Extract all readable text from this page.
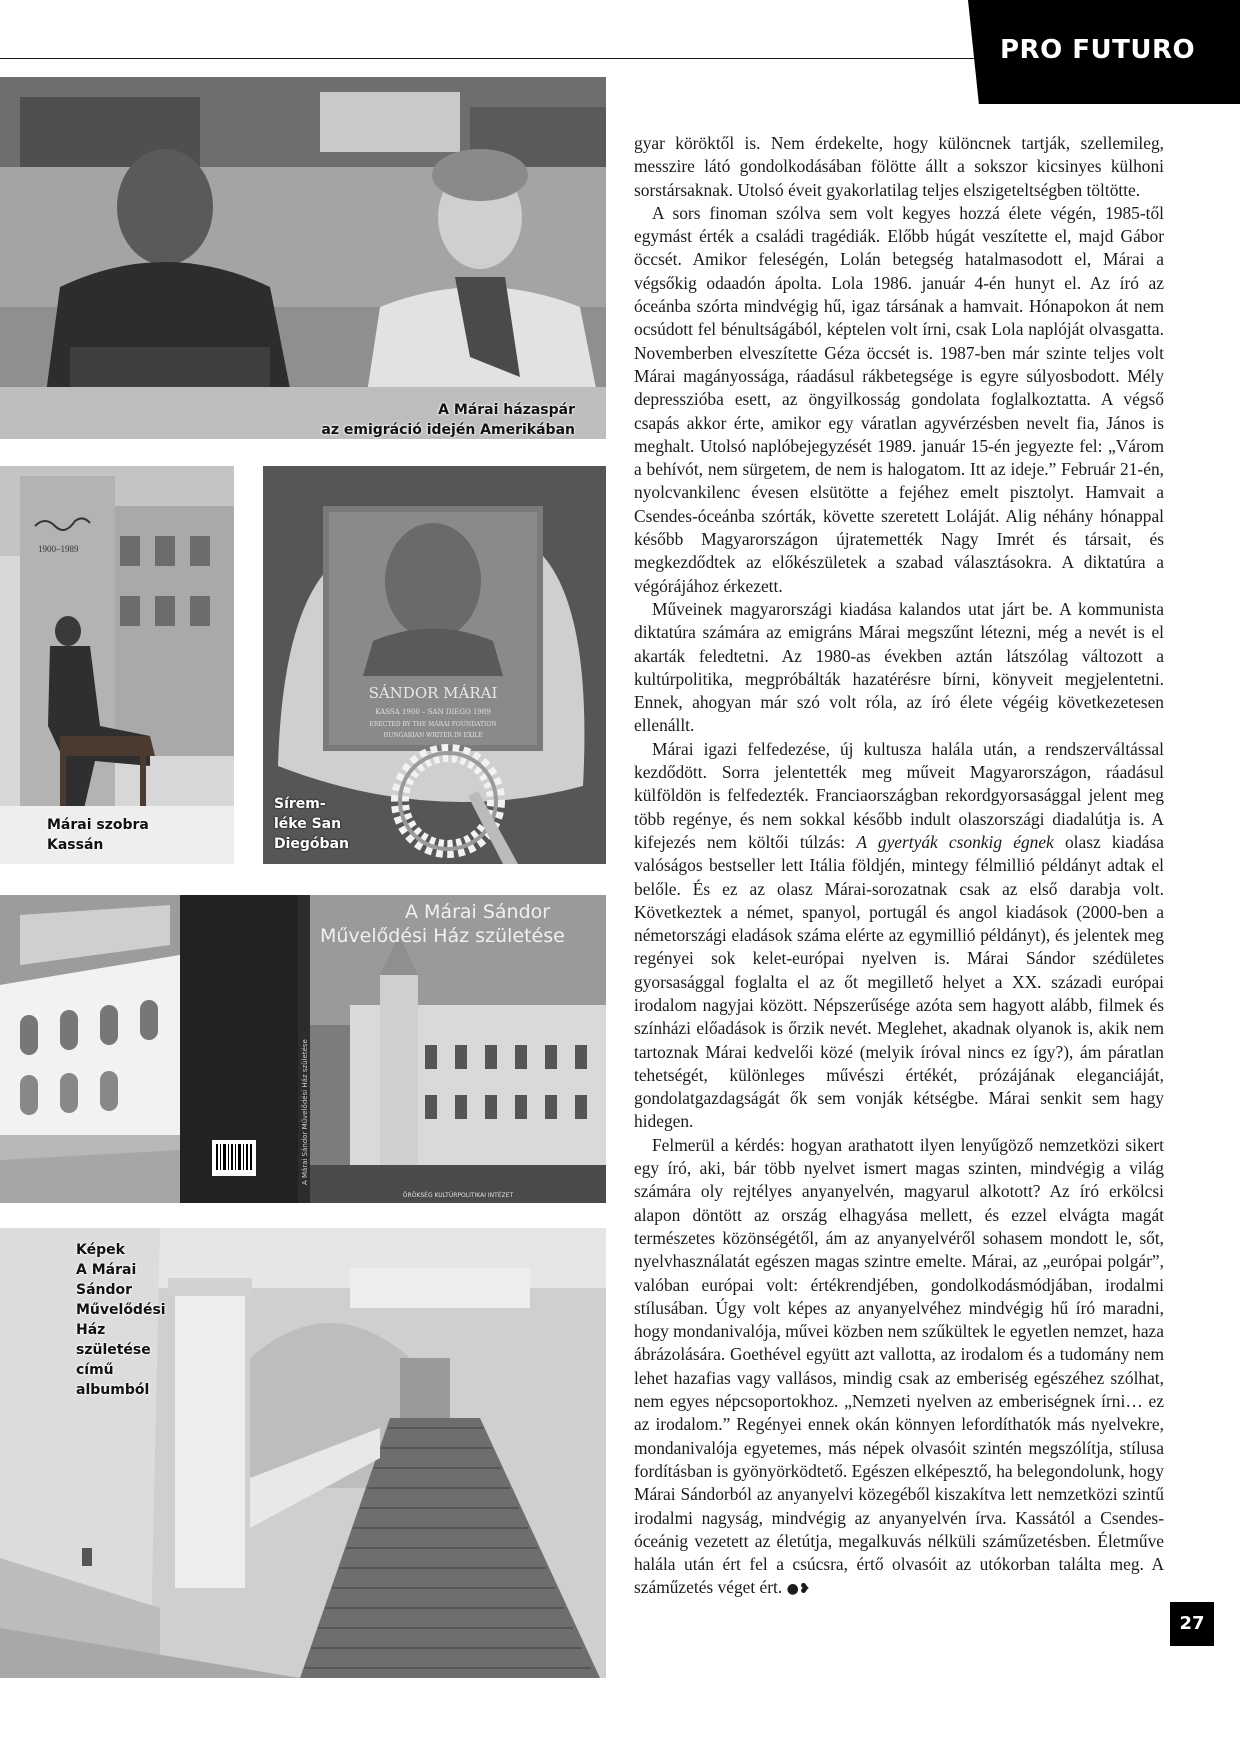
PRO FUTURO
A Márai házaspár
az emigráció idején Amerikában
1900–1989
Márai szobra
Kassán
SÁNDOR MÁRAI
KASSA 1900 – SAN DIEGO 1989
ERECTED BY THE MÁRAI FOUNDATION
HUNGARIAN WRITER IN EXILE
Sírem-
léke San
Diegóban
A Márai Sándor
Művelődési Ház születése
A Márai Sándor Művelődési Ház születése
ÖRÖKSÉG KULTÚRPOLITIKAI INTÉZET
Képek
A Márai
Sándor
Művelődési
Ház
születése
című
albumból

gyar köröktől is. Nem érdekelte, hogy különcnek tartják, szellemileg, messzire látó gondolkodásában fölötte állt a sokszor kicsinyes külhoni sorstársaknak. Utolsó éveit gyakorlatilag teljes elszigeteltségben töltötte.

A sors finoman szólva sem volt kegyes hozzá élete végén, 1985-től egymást érték a családi tragédiák. Előbb húgát veszítette el, majd Gábor öccsét. Amikor feleségén, Lolán betegség hatalmasodott el, Márai a végsőkig odaadón ápolta. Lola 1986. január 4-én hunyt el. Az író az óceánba szórta mindvégig hű, igaz társának a hamvait. Hónapokon át nem ocsúdott fel bénultságából, képtelen volt írni, csak Lola naplóját olvasgatta. Novemberben elveszítette Géza öccsét is. 1987-ben már szinte teljes volt Márai magányossága, ráadásul rákbetegsége is egyre súlyosbodott. Mély depresszióba esett, az öngyilkosság gondolata foglalkoztatta. A végső csapás akkor érte, amikor egy váratlan agyvérzésben nevelt fia, János is meghalt. Utolsó naplóbejegyzését 1989. január 15-én jegyezte fel: „Várom a behívót, nem sürgetem, de nem is halogatom. Itt az ideje.” Február 21-én, nyolcvankilenc évesen elsütötte a fejéhez emelt pisztolyt. Hamvait a Csendes-óceánba szórták, követte szeretett Loláját. Alig néhány hónappal később Magyarországon újratemették Nagy Imrét és társait, és megkezdődtek az előkészületek a szabad választásokra. A diktatúra a végórájához érkezett.

Műveinek magyarországi kiadása kalandos utat járt be. A kommunista diktatúra számára az emigráns Márai megszűnt létezni, még a nevét is el akarták feledtetni. Az 1980-as években aztán látszólag változott a kultúrpolitika, megpróbálták hazatérésre bírni, könyveit megjelentetni. Ennek, ahogyan már szó volt róla, az író élete végéig következetesen ellenállt.

Márai igazi felfedezése, új kultusza halála után, a rendszerváltással kezdődött. Sorra jelentették meg műveit Magyarországon, ráadásul külföldön is felfedezték. Franciaországban rekordgyorsasággal jelent meg több regénye, és nem sokkal később indult olaszországi diadalútja is. A kifejezés nem költői túlzás: A gyertyák csonkig égnek olasz kiadása valóságos bestseller lett Itália földjén, mintegy félmillió példányt adtak el belőle. És ez az olasz Márai-sorozatnak csak az első darabja volt. Következtek a német, spanyol, portugál és angol kiadások (2000-ben a németországi eladások száma elérte az egymillió példányt), és jelentek meg regényei sok kelet-európai nyelven is. Márai Sándor szédületes gyorsasággal foglalta el az őt megillető helyet a XX. századi európai irodalom nagyjai között. Népszerűsége azóta sem hagyott alább, filmek és színházi előadások is őrzik nevét. Meglehet, akadnak olyanok is, akik nem tartoznak Márai kedvelői közé (melyik íróval nincs ez így?), ám páratlan tehetségét, különleges művészi értékét, prózájának eleganciáját, gondolatgazdagságát ők sem vonják kétségbe. Márai senkit sem hagy hidegen.

Felmerül a kérdés: hogyan arathatott ilyen lenyűgöző nemzetközi sikert egy író, aki, bár több nyelvet ismert magas szinten, mindvégig a világ számára oly rejtélyes anyanyelvén, magyarul alkotott? Az író erkölcsi alapon döntött az ország elhagyása mellett, és ezzel elvágta magát természetes közönségétől, ám az anyanyelvéről sohasem mondott le, sőt, nyelvhasználatát egészen magas szintre emelte. Márai, az „európai polgár”, valóban európai volt: értékrendjében, gondolkodásmódjában, irodalmi stílusában. Úgy volt képes az anyanyelvéhez mindvégig hű író maradni, hogy mondanivalója, művei közben nem szűkültek le egyetlen nemzet, haza ábrázolására. Goethével együtt azt vallotta, az irodalom és a tudomány nem lehet hazafias vagy vallásos, mindig csak az emberiség egészéhez szólhat, nem egyes népcsoportokhoz. „Nemzeti nyelven az emberiségnek írni… ez az irodalom.” Regényei ennek okán könnyen lefordíthatók más nyelvekre, mondanivalója egyetemes, más népek olvasóit szintén megszólítja, stílusa fordításban is gyönyörködtető. Egészen elképesztő, ha belegondolunk, hogy Márai Sándorból az anyanyelvi közegéből kiszakítva lett nemzetközi szintű irodalmi nagyság, mindvégig az anyanyelvén írva. Kassától a Csendes-óceánig vezetett az életútja, megalkuvás nélküli száműzetésben. Életműve halála után ért fel a csúcsra, értő olvasóit az utókorban találta meg. A száműzetés véget ért. ●❥

27
